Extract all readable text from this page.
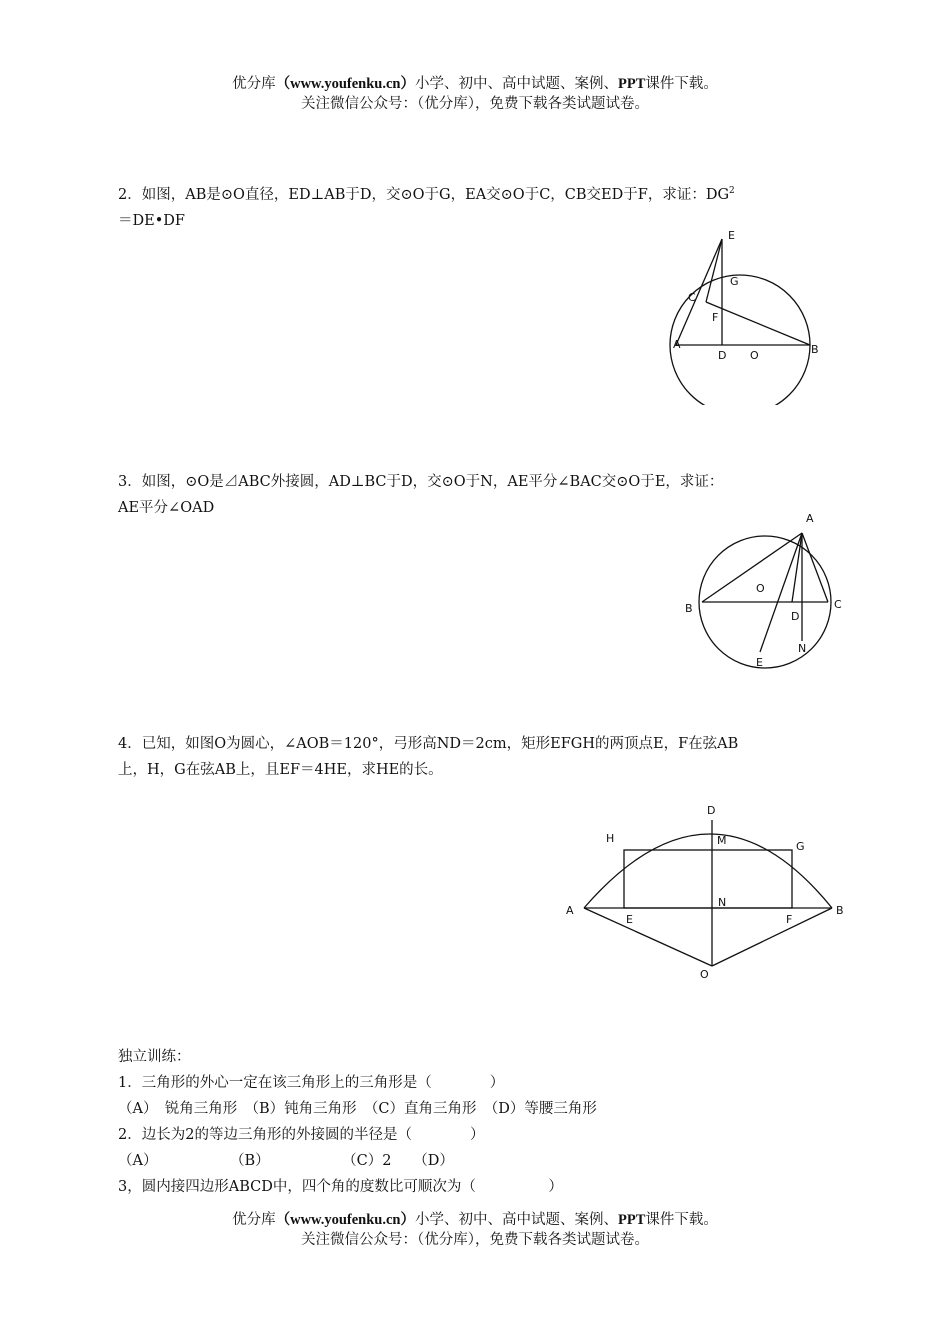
优分库（www.youfenku.cn）小学、初中、高中试题、案例、PPT课件下载。
关注微信公众号：（优分库），免费下载各类试题试卷。
2．如图，AB是⊙O直径，ED⊥AB于D，交⊙O于G，EA交⊙O于C，CB交ED于F，求证：$DG^2$
＝DE•DF
E
G
C
F
A
D O	B
3．如图，⊙O是⊿ABC外接圆，AD⊥BC于D，交⊙O于N，AE平分∠BAC交⊙O于E，求证：
AE平分∠OAD
A
O
B	C
D
E
N
4．已知，如图O为圆心，∠AOB＝120°，弓形高ND＝2cm，矩形EFGH的两顶点E，F在弦AB
上，H，G在弦AB上，且EF＝4HE，求HE的长。
D
H	M	G
A
E
N
F
B
O
独立训练：
1．三角形的外心一定在该三角形上的三角形是（　　　　）
（A）　锐角三角形　（B）钝角三角形　（C）直角三角形　（D）等腰三角形
2．边长为2的等边三角形的外接圆的半径是（　　　　）
（A）　　　　　　（B）　　　　　　（C）2　　（D）
3，圆内接四边形ABCD中，四个角的度数比可顺次为（　　　　　）
优分库（www.youfenku.cn）小学、初中、高中试题、案例、PPT课件下载。
关注微信公众号：（优分库），免费下载各类试题试卷。
